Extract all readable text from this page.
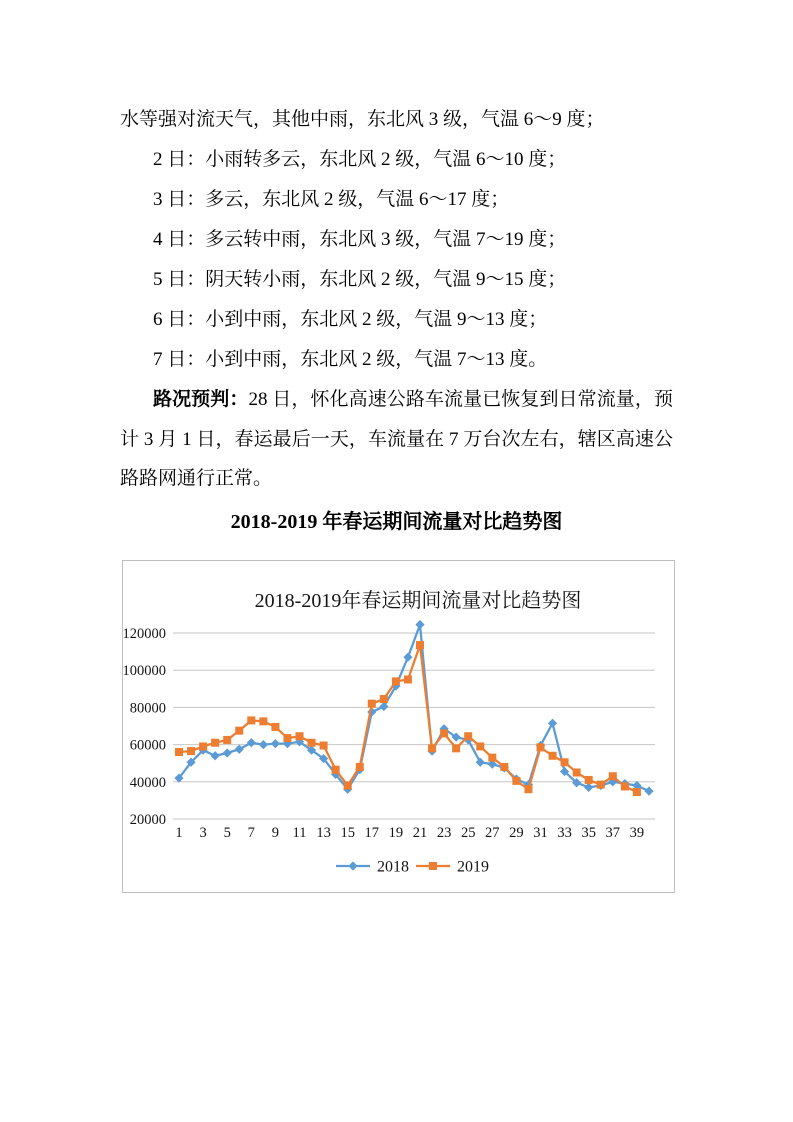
水等强对流天气，其他中雨，东北风 3 级，气温 6～9 度；

2 日：小雨转多云，东北风 2 级，气温 6～10 度；

3 日：多云，东北风 2 级，气温 6～17 度；

4 日：多云转中雨，东北风 3 级，气温 7～19 度；

5 日：阴天转小雨，东北风 2 级，气温 9～15 度；

6 日：小到中雨，东北风 2 级，气温 9～13 度；

7 日：小到中雨，东北风 2 级，气温 7～13 度。

路况预判：28 日，怀化高速公路车流量已恢复到日常流量，预计 3 月 1 日，春运最后一天，车流量在 7 万台次左右，辖区高速公路路网通行正常。

2018-2019 年春运期间流量对比趋势图
20000
40000
60000
80000
100000
120000
1 3 5 7 9 11 13 15 17 19 21 23 25 27 29 31 33 35 37 39
2018-2019年春运期间流量对比趋势图
2018	2019
